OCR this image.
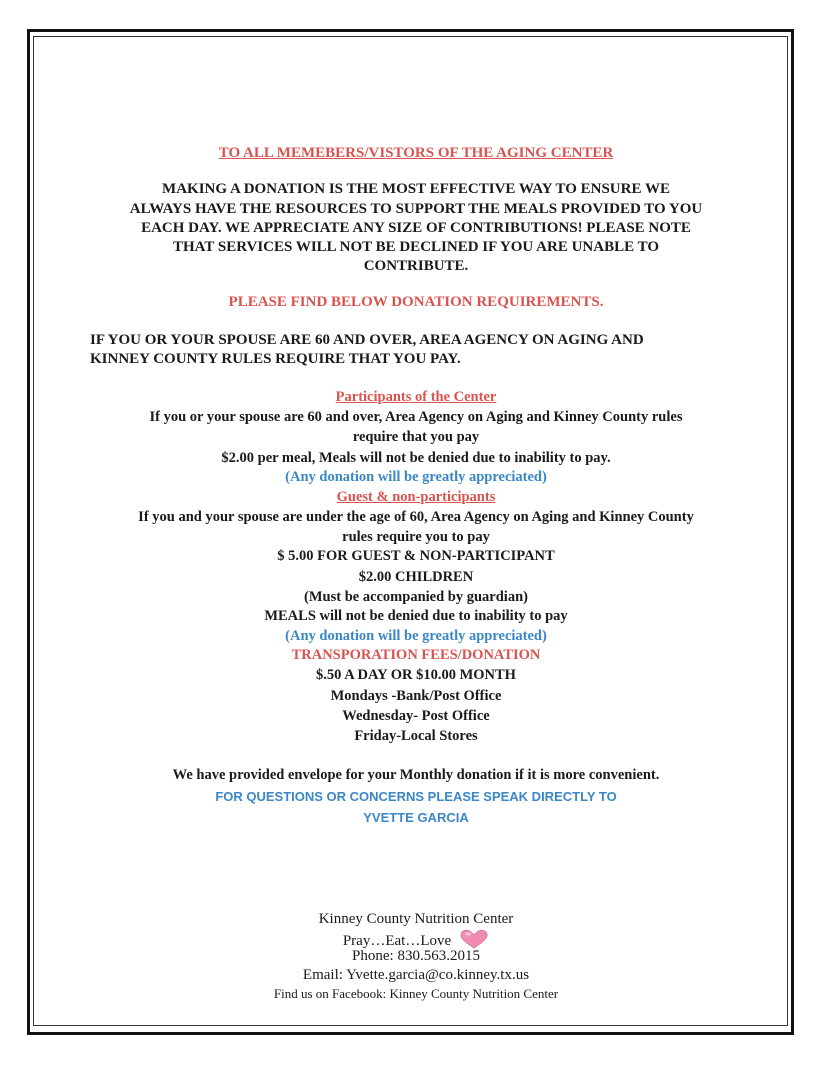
TO ALL MEMEBERS/VISTORS OF THE AGING CENTER

MAKING A DONATION IS THE MOST EFFECTIVE WAY TO ENSURE WE

ALWAYS HAVE THE RESOURCES TO SUPPORT THE MEALS PROVIDED TO YOU

EACH DAY. WE APPRECIATE ANY SIZE OF CONTRIBUTIONS! PLEASE NOTE

THAT SERVICES WILL NOT BE DECLINED IF YOU ARE UNABLE TO

CONTRIBUTE.

PLEASE FIND BELOW DONATION REQUIREMENTS.

IF YOU OR YOUR SPOUSE ARE 60 AND OVER, AREA AGENCY ON AGING AND

KINNEY COUNTY RULES REQUIRE THAT YOU PAY.

Participants of the Center

If you or your spouse are 60 and over, Area Agency on Aging and Kinney County rules

require that you pay

$2.00 per meal, Meals will not be denied due to inability to pay.

(Any donation will be greatly appreciated)

Guest & non-participants

If you and your spouse are under the age of 60, Area Agency on Aging and Kinney County

rules require you to pay

$ 5.00 FOR GUEST & NON-PARTICIPANT

$2.00 CHILDREN

(Must be accompanied by guardian)

MEALS will not be denied due to inability to pay

(Any donation will be greatly appreciated)

TRANSPORATION FEES/DONATION

$.50 A DAY OR $10.00 MONTH

Mondays -Bank/Post Office

Wednesday- Post Office

Friday-Local Stores

We have provided envelope for your Monthly donation if it is more convenient.

FOR QUESTIONS OR CONCERNS PLEASE SPEAK DIRECTLY TO

YVETTE GARCIA

Kinney County Nutrition Center

Pray…Eat…Love

Phone: 830.563.2015

Email: Yvette.garcia@co.kinney.tx.us

Find us on Facebook: Kinney County Nutrition Center
